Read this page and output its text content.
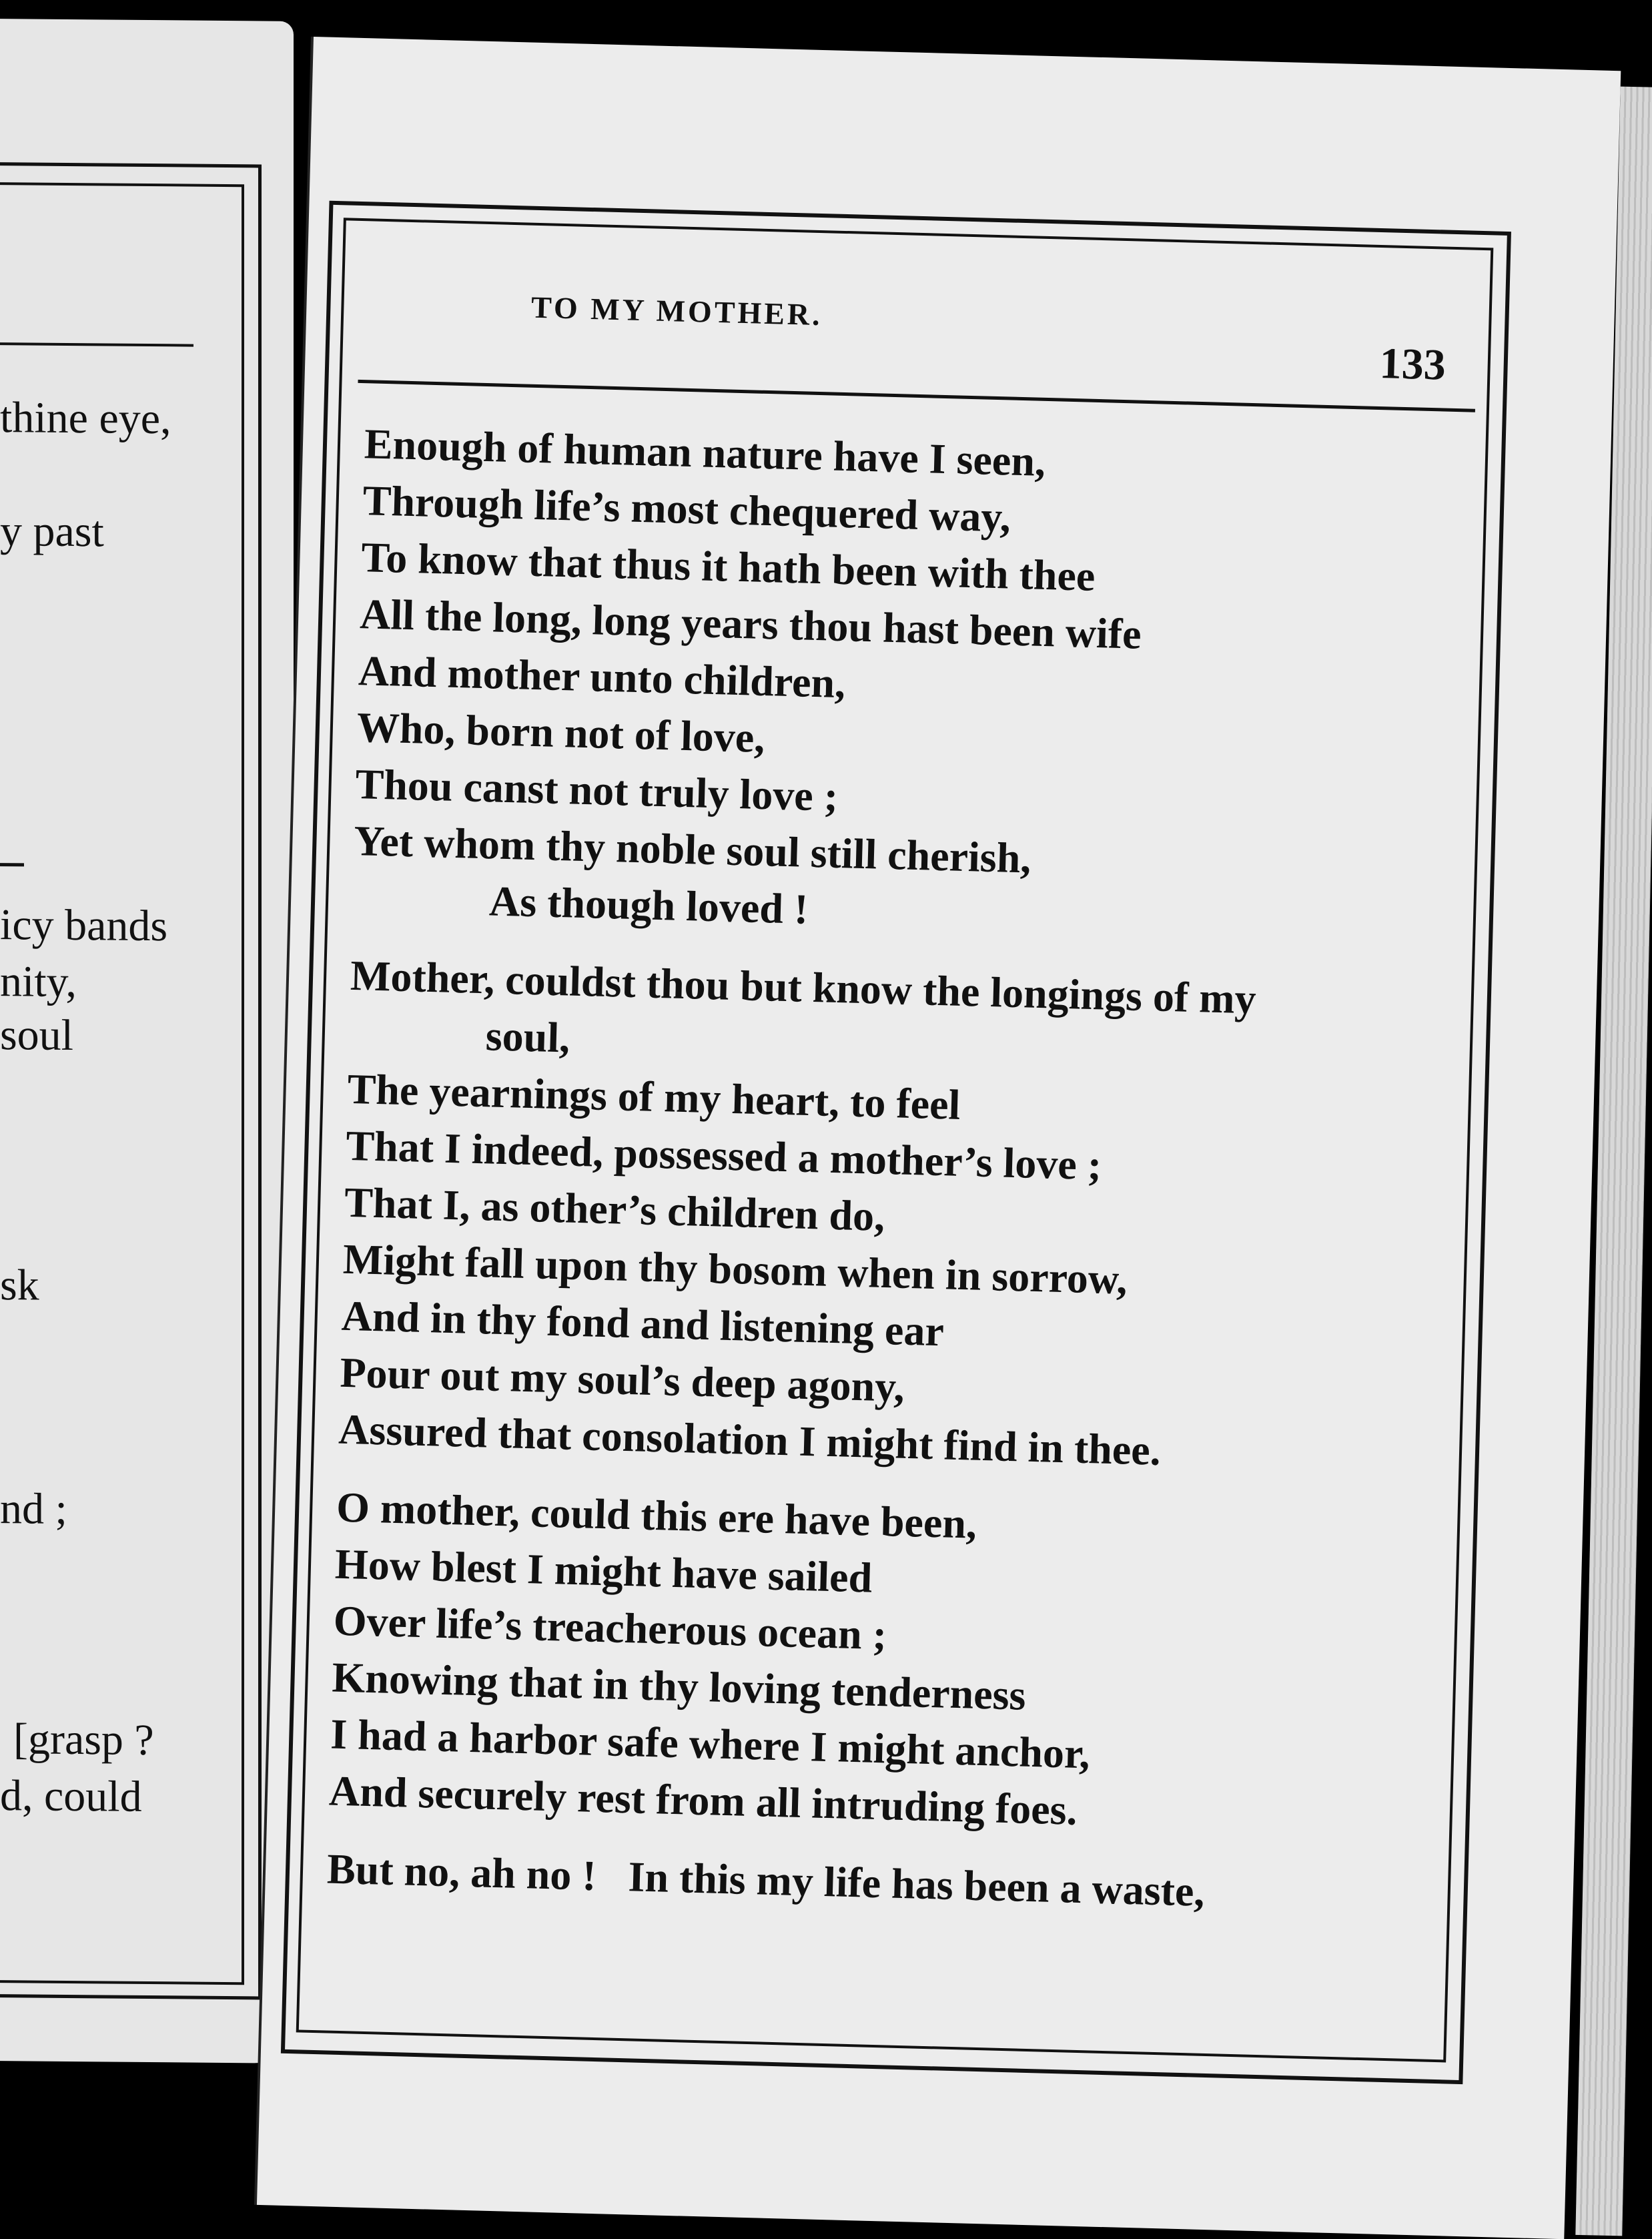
thine eye,
y past
icy bands
nity,
soul
sk
nd ;
[grasp ?
d, could
TO MY MOTHER.
133
Enough of human nature have I seen,
Through life’s most chequered way,
To know that thus it hath been with thee
All the long, long years thou hast been wife
And mother unto children,
Who, born not of love,
Thou canst not truly love ;
Yet whom thy noble soul still cherish,
As though loved !
Mother, couldst thou but know the longings of my
soul,
The yearnings of my heart, to feel
That I indeed, possessed a mother’s love ;
That I, as other’s children do,
Might fall upon thy bosom when in sorrow,
And in thy fond and listening ear
Pour out my soul’s deep agony,
Assured that consolation I might find in thee.
O mother, could this ere have been,
How blest I might have sailed
Over life’s treacherous ocean ;
Knowing that in thy loving tenderness
I had a harbor safe where I might anchor,
And securely rest from all intruding foes.
But no, ah no !   In this my life has been a waste,
